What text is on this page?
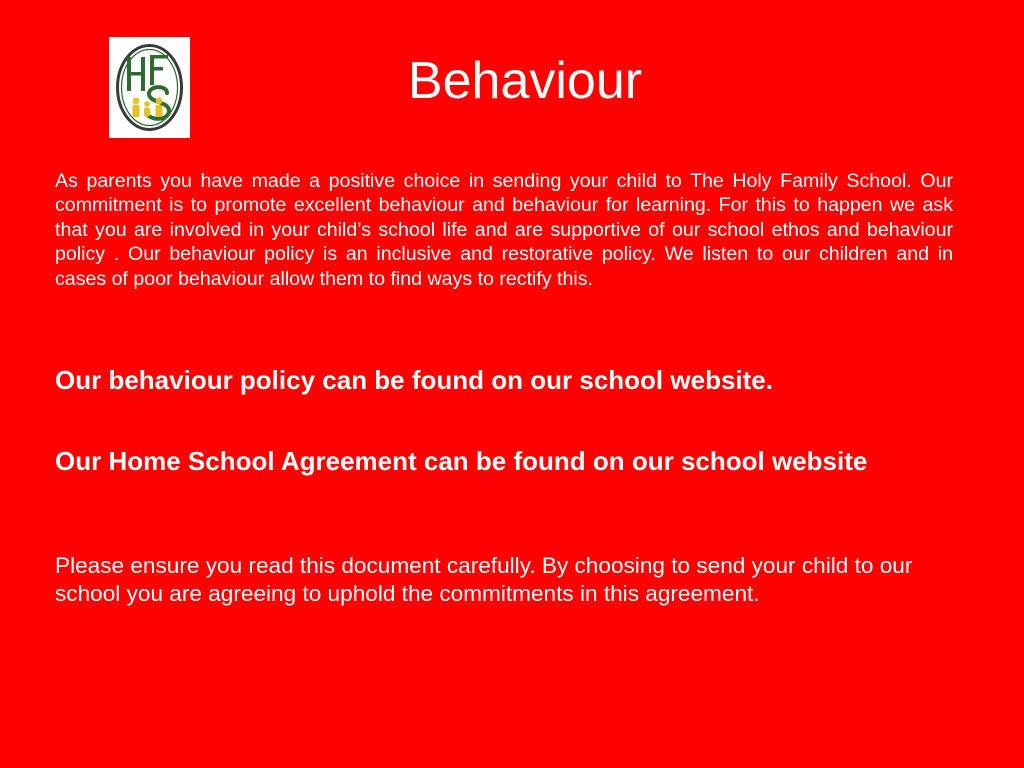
Behaviour

As parents you have made a positive choice in sending your child to The Holy Family School. Our commitment is to promote excellent behaviour and behaviour for learning. For this to happen we ask that you are involved in your child’s school life and are supportive of our school ethos and behaviour policy . Our behaviour policy is an inclusive and restorative policy. We listen to our children and in cases of poor behaviour allow them to find ways to rectify this.

Our behaviour policy can be found on our school website.

Our Home School Agreement can be found on our school website

Please ensure you read this document carefully. By choosing to send your child to our school you are agreeing to uphold the commitments in this agreement.
